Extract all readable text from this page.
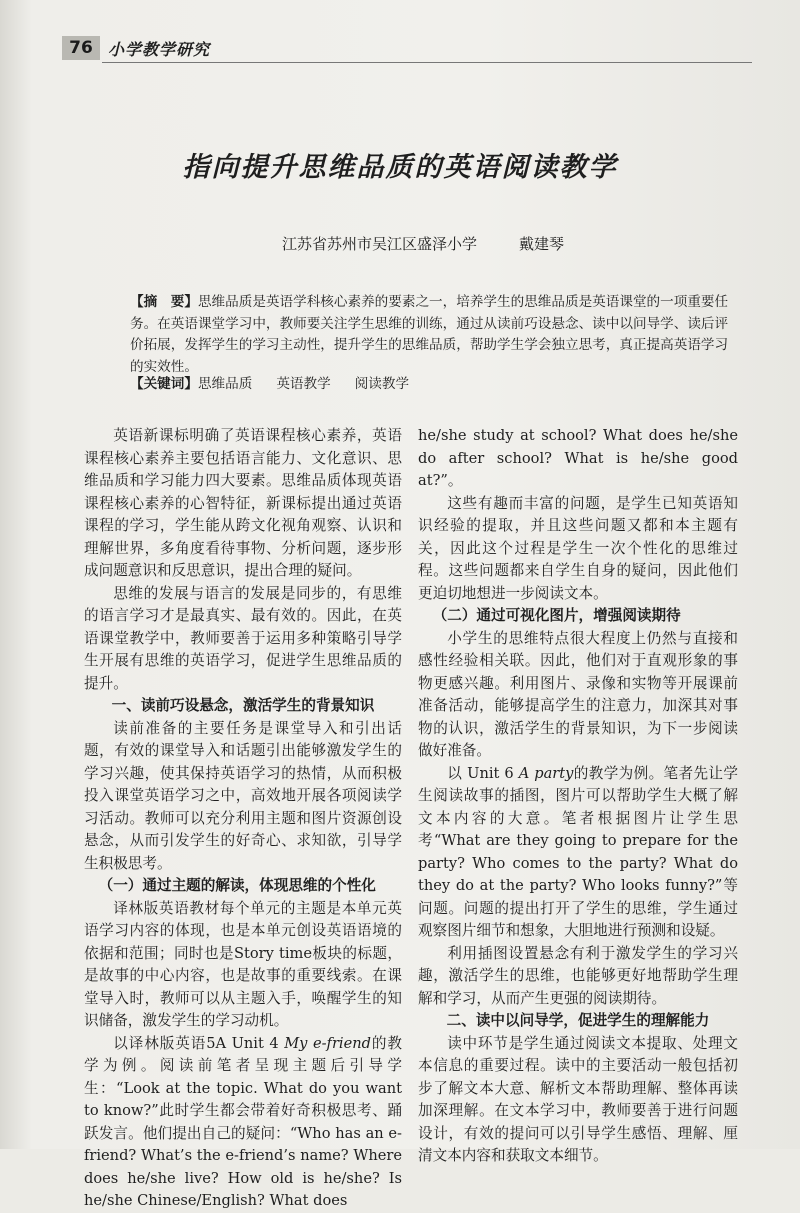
76 小学教学研究
指向提升思维品质的英语阅读教学
江苏省苏州市吴江区盛泽小学	戴建琴
【摘　要】思维品质是英语学科核心素养的要素之一，培养学生的思维品质是英语课堂的一项重要任务。在英语课堂学习中，教师要关注学生思维的训练，通过从读前巧设悬念、读中以问导学、读后评价拓展，发挥学生的学习主动性，提升学生的思维品质，帮助学生学会独立思考，真正提高英语学习的实效性。
【关键词】思维品质 英语教学 阅读教学

英语新课标明确了英语课程核心素养，英语课程核心素养主要包括语言能力、文化意识、思维品质和学习能力四大要素。思维品质体现英语课程核心素养的心智特征，新课标提出通过英语课程的学习，学生能从跨文化视角观察、认识和理解世界，多角度看待事物、分析问题，逐步形成问题意识和反思意识，提出合理的疑问。

思维的发展与语言的发展是同步的，有思维的语言学习才是最真实、最有效的。因此，在英语课堂教学中，教师要善于运用多种策略引导学生开展有思维的英语学习，促进学生思维品质的提升。

一、读前巧设悬念，激活学生的背景知识

读前准备的主要任务是课堂导入和引出话题，有效的课堂导入和话题引出能够激发学生的学习兴趣，使其保持英语学习的热情，从而积极投入课堂英语学习之中，高效地开展各项阅读学习活动。教师可以充分利用主题和图片资源创设悬念，从而引发学生的好奇心、求知欲，引导学生积极思考。

（一）通过主题的解读，体现思维的个性化

译林版英语教材每个单元的主题是本单元英语学习内容的体现，也是本单元创设英语语境的依据和范围；同时也是Story time板块的标题，是故事的中心内容，也是故事的重要线索。在课堂导入时，教师可以从主题入手，唤醒学生的知识储备，激发学生的学习动机。

以译林版英语5A Unit 4 My e-friend的教学为例。阅读前笔者呈现主题后引导学生：“Look at the topic. What do you want to know?”此时学生都会带着好奇积极思考、踊跃发言。他们提出自己的疑问：“Who has an e-friend? What’s the e-friend’s name? Where does he/she live? How old is he/she? Is he/she Chinese/English? What does

he/she study at school? What does he/she do after school? What is he/she good at?”。

这些有趣而丰富的问题，是学生已知英语知识经验的提取，并且这些问题又都和本主题有关，因此这个过程是学生一次个性化的思维过程。这些问题都来自学生自身的疑问，因此他们更迫切地想进一步阅读文本。

（二）通过可视化图片，增强阅读期待

小学生的思维特点很大程度上仍然与直接和感性经验相关联。因此，他们对于直观形象的事物更感兴趣。利用图片、录像和实物等开展课前准备活动，能够提高学生的注意力，加深其对事物的认识，激活学生的背景知识，为下一步阅读做好准备。

以 Unit 6 A party的教学为例。笔者先让学生阅读故事的插图，图片可以帮助学生大概了解文本内容的大意。笔者根据图片让学生思考“What are they going to prepare for the party? Who comes to the party? What do they do at the party? Who looks funny?”等问题。问题的提出打开了学生的思维，学生通过观察图片细节和想象，大胆地进行预测和设疑。

利用插图设置悬念有利于激发学生的学习兴趣，激活学生的思维，也能够更好地帮助学生理解和学习，从而产生更强的阅读期待。

二、读中以问导学，促进学生的理解能力

读中环节是学生通过阅读文本提取、处理文本信息的重要过程。读中的主要活动一般包括初步了解文本大意、解析文本帮助理解、整体再读加深理解。在文本学习中，教师要善于进行问题设计，有效的提问可以引导学生感悟、理解、厘清文本内容和获取文本细节。
